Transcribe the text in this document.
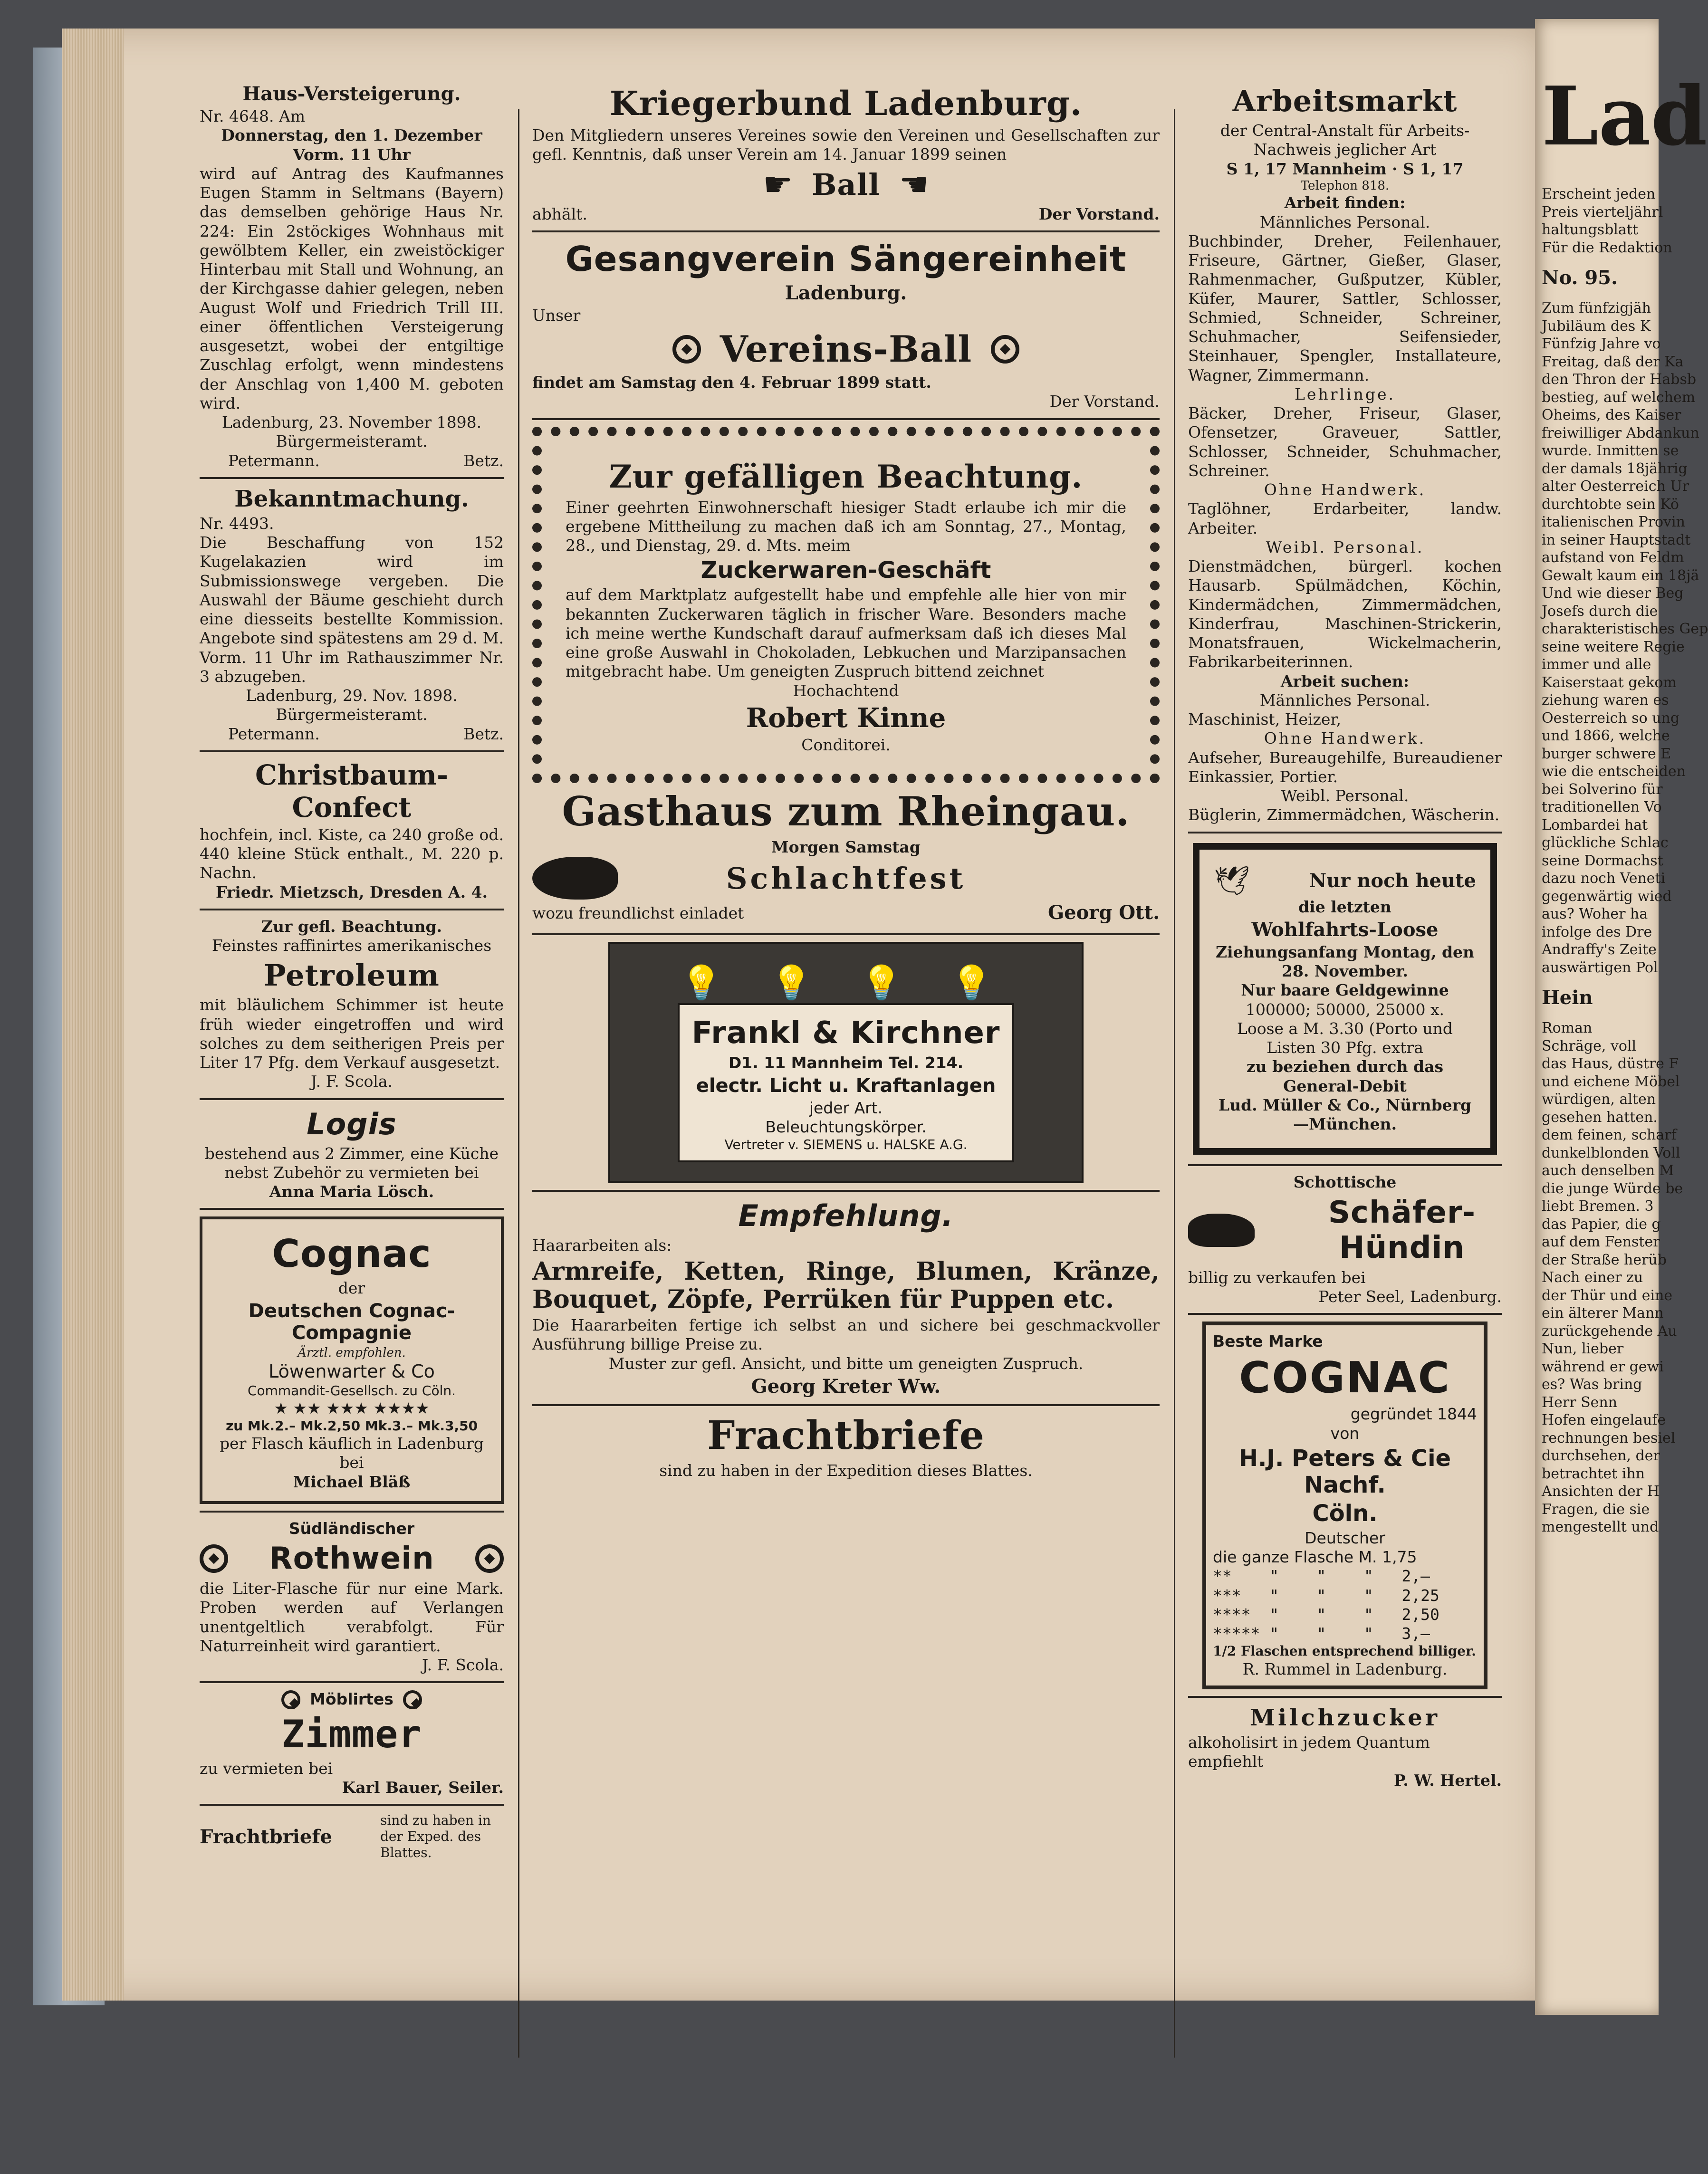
Haus-Versteigerung.

Nr. 4648. Am

Donnerstag, den 1. Dezember

Vorm. 11 Uhr

wird auf Antrag des Kaufmannes Eugen Stamm in Seltmans (Bayern) das demselben gehörige Haus Nr. 224: Ein 2stöckiges Wohnhaus mit gewölbtem Keller, ein zweistöckiger Hinterbau mit Stall und Wohnung, an der Kirchgasse dahier gelegen, neben August Wolf und Friedrich Trill III. einer öffentlichen Versteigerung ausgesetzt, wobei der entgiltige Zuschlag erfolgt, wenn mindestens der Anschlag von 1,400 M. geboten wird.

Ladenburg, 23. November 1898.

Bürgermeisteramt.

Petermann.	Betz.

Bekanntmachung.

Nr. 4493.

Die Beschaffung von 152 Kugelakazien wird im Submissionswege vergeben. Die Auswahl der Bäume geschieht durch eine diesseits bestellte Kommission. Angebote sind spätestens am 29 d. M. Vorm. 11 Uhr im Rathauszimmer Nr. 3 abzugeben.

Ladenburg, 29. Nov. 1898.

Bürgermeisteramt.

Petermann.	Betz.

Christbaum-Confect

hochfein, incl. Kiste, ca 240 große od. 440 kleine Stück enthalt., M. 220 p. Nachn.

Friedr. Mietzsch, Dresden A. 4.

Zur gefl. Beachtung.

Feinstes raffinirtes amerikanisches

Petroleum

mit bläulichem Schimmer ist heute früh wieder eingetroffen und wird solches zu dem seitherigen Preis per Liter 17 Pfg. dem Verkauf ausgesetzt.

J. F. Scola.

Logis

bestehend aus 2 Zimmer, eine Küche nebst Zubehör zu vermieten bei

Anna Maria Lösch.

Cognac

der

Deutschen Cognac-Compagnie

Ärztl. empfohlen.

Löwenwarter & Co

Commandit-Gesellsch. zu Cöln.

★ ★★ ★★★ ★★★★

zu Mk.2.– Mk.2,50 Mk.3.– Mk.3,50

per Flasch käuflich in Ladenburg bei

Michael Bläß

Südländischer

Rothwein

die Liter-Flasche für nur eine Mark. Proben werden auf Verlangen unentgeltlich verabfolgt. Für Naturreinheit wird garantiert.

J. F. Scola.

Möblirtes

Zimmer

zu vermieten bei

Karl Bauer, Seiler.

Frachtbriefe
sind zu haben in der Exped. des Blattes.

Kriegerbund Ladenburg.

Den Mitgliedern unseres Vereines sowie den Vereinen und Gesellschaften zur gefl. Kenntnis, daß unser Verein am 14. Januar 1899 seinen

☛ Ball ☚
abhält.	Der Vorstand.

Gesangverein Sängereinheit

Ladenburg.

Unser

Vereins-Ball

findet am Samstag den 4. Februar 1899 statt.

Der Vorstand.

Zur gefälligen Beachtung.

Einer geehrten Einwohnerschaft hiesiger Stadt erlaube ich mir die ergebene Mittheilung zu machen daß ich am Sonntag, 27., Montag, 28., und Dienstag, 29. d. Mts. meim

Zuckerwaren-Geschäft

auf dem Marktplatz aufgestellt habe und empfehle alle hier von mir bekannten Zuckerwaren täglich in frischer Ware. Besonders mache ich meine werthe Kundschaft darauf aufmerksam daß ich dieses Mal eine große Auswahl in Chokoladen, Lebkuchen und Marzipansachen mitgebracht habe. Um geneigten Zuspruch bittend zeichnet

Hochachtend

Robert Kinne

Conditorei.

Gasthaus zum Rheingau.

Morgen Samstag

Schlachtfest
wozu freundlichst einladet	Georg Ott.

💡 💡 💡 💡

Frankl & Kirchner

D1. 11 Mannheim Tel. 214.

electr. Licht u. Kraftanlagen

jeder Art.

Beleuchtungskörper.

Vertreter v. SIEMENS u. HALSKE A.G.

Empfehlung.

Haararbeiten als:

Armreife, Ketten, Ringe, Blumen, Kränze, Bouquet, Zöpfe, Perrüken für Puppen etc.

Die Haararbeiten fertige ich selbst an und sichere bei geschmackvoller Ausführung billige Preise zu.

Muster zur gefl. Ansicht, und bitte um geneigten Zuspruch.

Georg Kreter Ww.

Frachtbriefe

sind zu haben in der Expedition dieses Blattes.

Arbeitsmarkt

der Central-Anstalt für Arbeits-Nachweis jeglicher Art

S 1, 17 Mannheim · S 1, 17

Telephon 818.

Arbeit finden:

Männliches Personal.

Buchbinder, Dreher, Feilenhauer, Friseure, Gärtner, Gießer, Glaser, Rahmenmacher, Gußputzer, Kübler, Küfer, Maurer, Sattler, Schlosser, Schmied, Schneider, Schreiner, Schuhmacher, Seifensieder, Steinhauer, Spengler, Installateure, Wagner, Zimmermann.

Lehrlinge.

Bäcker, Dreher, Friseur, Glaser, Ofensetzer, Graveuer, Sattler, Schlosser, Schneider, Schuhmacher, Schreiner.

Ohne Handwerk.

Taglöhner, Erdarbeiter, landw. Arbeiter.

Weibl. Personal.

Dienstmädchen, bürgerl. kochen Hausarb. Spülmädchen, Köchin, Kindermädchen, Zimmermädchen, Kinderfrau, Maschinen-Strickerin, Monatsfrauen, Wickelmacherin, Fabrikarbeiterinnen.

Arbeit suchen:

Männliches Personal.

Maschinist, Heizer,

Ohne Handwerk.

Aufseher, Bureaugehilfe, Bureaudiener Einkassier, Portier.

Weibl. Personal.

Büglerin, Zimmermädchen, Wäscherin.

🕊	Nur noch heute

die letzten

Wohlfahrts-Loose

Ziehungsanfang Montag, den 28. November.

Nur baare Geldgewinne

100000; 50000, 25000 x.

Loose a M. 3.30 (Porto und Listen 30 Pfg. extra

zu beziehen durch das General-Debit

Lud. Müller & Co., Nürnberg—München.

Schottische

Schäfer-Hündin

billig zu verkaufen bei

Peter Seel, Ladenburg.

Beste Marke

COGNAC

gegründet 1844

von

H.J. Peters & Cie Nachf.

Cöln.

Deutscher

die ganze Flasche M. 1,75

**    "    "    "   2,—

***   "    "    "   2,25

****  "    "    "   2,50

***** "    "    "   3,—

1/2 Flaschen entsprechend billiger.

R. Rummel in Ladenburg.

Milchzucker

alkoholisirt in jedem Quantum empfiehlt

P. W. Hertel.

Lad

Erscheint jeden

Preis vierteljährl

haltungsblatt

Für die Redaktion

No. 95.

Zum fünfzigjäh

Jubiläum des K

Fünfzig Jahre vo

Freitag, daß der Ka

den Thron der Habsb

bestieg, auf welchem

Oheims, des Kaiser

freiwilliger Abdankun

wurde. Inmitten se

der damals 18jährig

alter Oesterreich Ur

durchtobte sein Kö

italienischen Provin

in seiner Hauptstadt

aufstand von Feldm

Gewalt kaum ein 18jä

Und wie dieser Beg

Josefs durch die

charakteristisches Gep

seine weitere Regie

immer und alle

Kaiserstaat gekom

ziehung waren es

Oesterreich so ung

und 1866, welche

burger schwere E

wie die entscheiden

bei Solverino für

traditionellen Vo

Lombardei hat

glückliche Schlac

seine Dormachst

dazu noch Veneti

gegenwärtig wied

aus? Woher ha

infolge des Dre

Andraffy's Zeite

auswärtigen Pol

Hein

Roman

Schräge, voll

das Haus, düstre F

und eichene Möbel

würdigen, alten

gesehen hatten.

dem feinen, scharf

dunkelblonden Voll

auch denselben M

die junge Würde be

liebt Bremen. 3

das Papier, die g

auf dem Fenster

der Straße herüb

Nach einer zu

der Thür und eine

ein älterer Mann

zurückgehende Au

Nun, lieber

während er gewi

es? Was bring

Herr Senn

Hofen eingelaufe

rechnungen besiel

durchsehen, der

betrachtet ihn

Ansichten der H

Fragen, die sie

mengestellt und
